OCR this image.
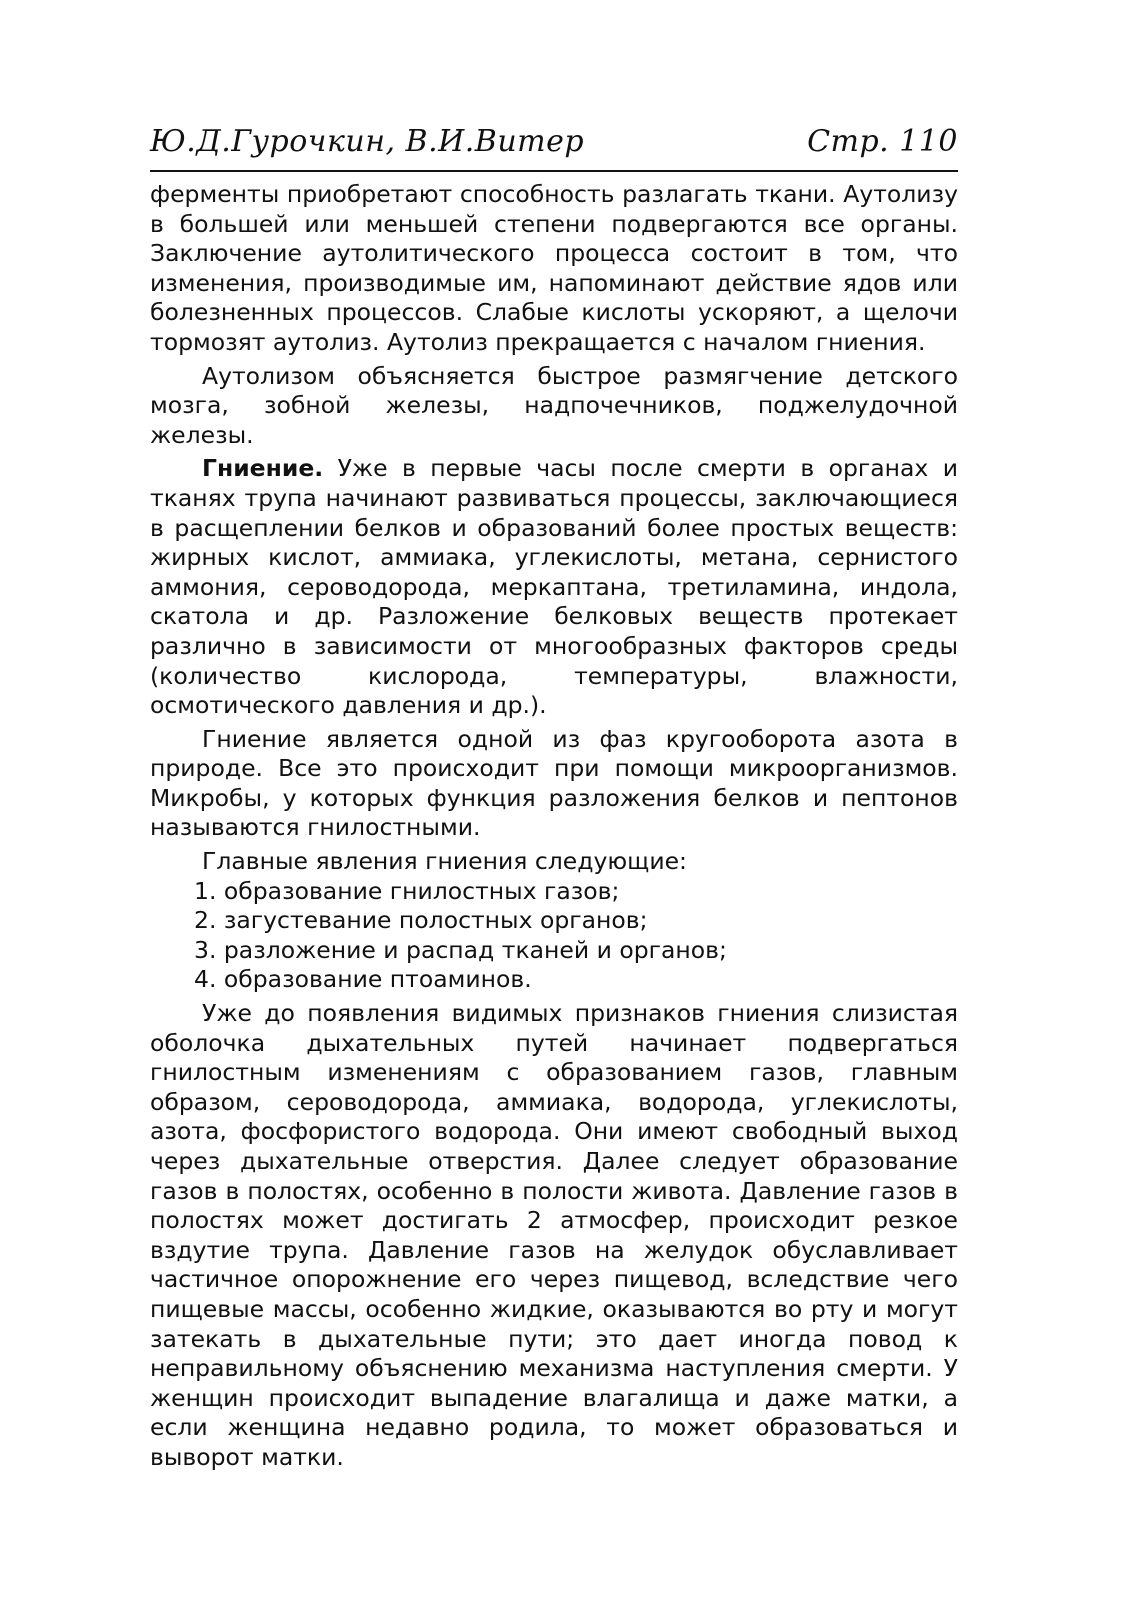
Ю.Д.Гурочкин, В.И.Витер	Стр. 110

ферменты приобретают способность разлагать ткани. Аутолизу в большей или меньшей степени подвергаются все органы. Заключение аутолитического процесса состоит в том, что изменения, производимые им, напоминают действие ядов или болезненных процессов. Слабые кислоты ускоряют, а щелочи тормозят аутолиз. Аутолиз прекращается с началом гниения.

Аутолизом объясняется быстрое размягчение детского мозга, зобной железы, надпочечников, поджелудочной железы.

Гниение. Уже в первые часы после смерти в органах и тканях трупа начинают развиваться процессы, заключающиеся в расщеплении белков и образований более простых веществ: жирных кислот, аммиака, углекислоты, метана, сернистого аммония, сероводорода, меркаптана, третиламина, индола, скатола и др. Разложение белковых веществ протекает различно в зависимости от многообразных факторов среды (количество кислорода, температуры, влажности, осмотического давления и др.).

Гниение является одной из фаз кругооборота азота в природе. Все это происходит при помощи микроорганизмов. Микробы, у которых функция разложения белков и пептонов называются гнилостными.

Главные явления гниения следующие:

1. образование гнилостных газов;

2. загустевание полостных органов;

3. разложение и распад тканей и органов;

4. образование птоаминов.

Уже до появления видимых признаков гниения слизистая оболочка дыхательных путей начинает подвергаться гнилостным изменениям с образованием газов, главным образом, сероводорода, аммиака, водорода, углекислоты, азота, фосфористого водорода. Они имеют свободный выход через дыхательные отверстия. Далее следует образование газов в полостях, особенно в полости живота. Давление газов в полостях может достигать 2 атмосфер, происходит резкое вздутие трупа. Давление газов на желудок обуславливает частичное опорожнение его через пищевод, вследствие чего пищевые массы, особенно жидкие, оказываются во рту и могут затекать в дыхательные пути; это дает иногда повод к неправильному объяснению механизма наступления смерти. У женщин происходит выпадение влагалища и даже матки, а если женщина недавно родила, то может образоваться и выворот матки.
